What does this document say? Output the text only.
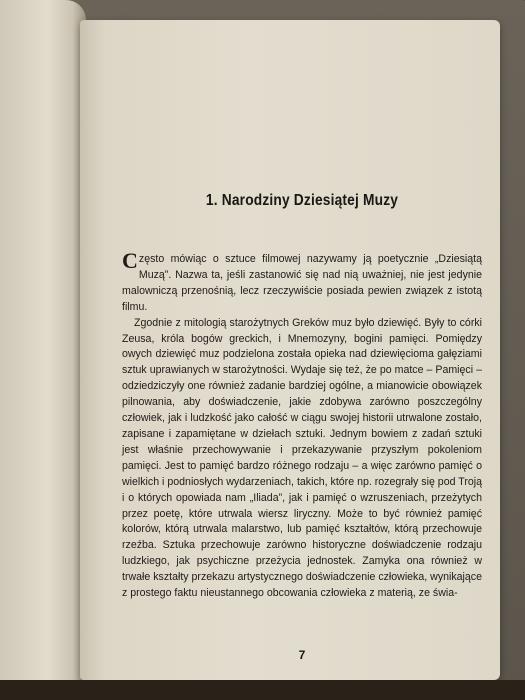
1. Narodziny Dziesiątej Muzy

Często mówiąc o sztuce filmowej nazywamy ją poetycznie „Dziesiątą Muzą”. Nazwa ta, jeśli zastanowić się nad nią uważniej, nie jest jedynie malowniczą przenośnią, lecz rzeczywiście posiada pewien związek z istotą filmu.

Zgodnie z mitologią starożytnych Greków muz było dziewięć. Były to córki Zeusa, króla bogów greckich, i Mnemozyny, bogini pamięci. Pomiędzy owych dziewięć muz podzielona została opieka nad dziewięcioma gałęziami sztuk uprawianych w starożytności. Wydaje się też, że po matce – Pamięci – odziedziczyły one również zadanie bardziej ogólne, a mianowicie obowiązek pilnowania, aby doświadczenie, jakie zdobywa zarówno poszczególny człowiek, jak i ludzkość jako całość w ciągu swojej historii utrwalone zostało, zapisane i zapamiętane w dziełach sztuki. Jednym bowiem z zadań sztuki jest właśnie przechowywanie i przekazywanie przyszłym pokoleniom pamięci. Jest to pamięć bardzo różnego rodzaju – a więc zarówno pamięć o wielkich i podniosłych wydarzeniach, takich, które np. rozegrały się pod Troją i o których opowiada nam „Iliada”, jak i pamięć o wzruszeniach, przeżytych przez poetę, które utrwala wiersz liryczny. Może to być również pamięć kolorów, którą utrwala malarstwo, lub pamięć kształtów, którą przechowuje rzeźba. Sztuka przechowuje zarówno historyczne doświadczenie rodzaju ludzkiego, jak psychiczne przeżycia jednostek. Zamyka ona również w trwałe kształty przekazu artystycznego doświadczenie człowieka, wynikające z prostego faktu nieustannego obcowania człowieka z materią, ze świa-

7
